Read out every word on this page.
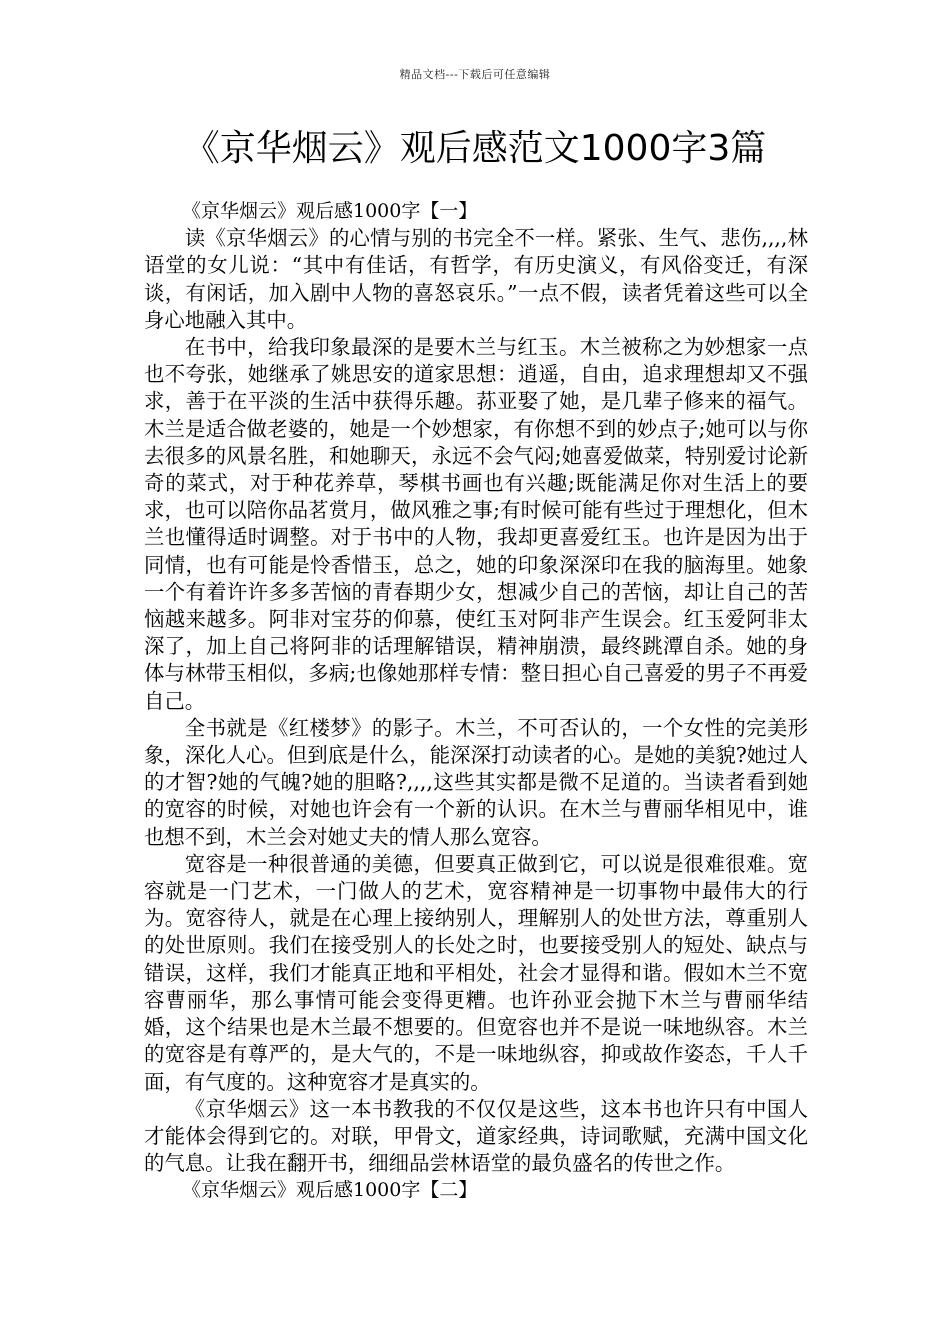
精品文档---下载后可任意编辑
《京华烟云》观后感范文1000字3篇

《京华烟云》观后感1000字【一】

读《京华烟云》的心情与别的书完全不一样。紧张、生气、悲伤,,,,林语堂的女儿说：“其中有佳话，有哲学，有历史演义，有风俗变迁，有深谈，有闲话，加入剧中人物的喜怒哀乐。”一点不假，读者凭着这些可以全身心地融入其中。

在书中，给我印象最深的是要木兰与红玉。木兰被称之为妙想家一点也不夸张，她继承了姚思安的道家思想：逍遥，自由，追求理想却又不强求，善于在平淡的生活中获得乐趣。荪亚娶了她，是几辈子修来的福气。木兰是适合做老婆的，她是一个妙想家，有你想不到的妙点子;她可以与你去很多的风景名胜，和她聊天，永远不会气闷;她喜爱做菜，特别爱讨论新奇的菜式，对于种花养草，琴棋书画也有兴趣;既能满足你对生活上的要求，也可以陪你品茗赏月，做风雅之事;有时候可能有些过于理想化，但木兰也懂得适时调整。对于书中的人物，我却更喜爱红玉。也许是因为出于同情，也有可能是怜香惜玉，总之，她的印象深深印在我的脑海里。她象一个有着许许多多苦恼的青春期少女，想减少自己的苦恼，却让自己的苦恼越来越多。阿非对宝芬的仰慕，使红玉对阿非产生误会。红玉爱阿非太深了，加上自己将阿非的话理解错误，精神崩溃，最终跳潭自杀。她的身体与林带玉相似，多病;也像她那样专情：整日担心自己喜爱的男子不再爱自己。

全书就是《红楼梦》的影子。木兰，不可否认的，一个女性的完美形象，深化人心。但到底是什么，能深深打动读者的心。是她的美貌?她过人的才智?她的气魄?她的胆略?,,,,这些其实都是微不足道的。当读者看到她的宽容的时候，对她也许会有一个新的认识。在木兰与曹丽华相见中，谁也想不到，木兰会对她丈夫的情人那么宽容。

宽容是一种很普通的美德，但要真正做到它，可以说是很难很难。宽容就是一门艺术，一门做人的艺术，宽容精神是一切事物中最伟大的行为。宽容待人，就是在心理上接纳别人，理解别人的处世方法，尊重别人的处世原则。我们在接受别人的长处之时，也要接受别人的短处、缺点与错误，这样，我们才能真正地和平相处，社会才显得和谐。假如木兰不宽容曹丽华，那么事情可能会变得更糟。也许孙亚会抛下木兰与曹丽华结婚，这个结果也是木兰最不想要的。但宽容也并不是说一味地纵容。木兰的宽容是有尊严的，是大气的，不是一味地纵容，抑或故作姿态，千人千面，有气度的。这种宽容才是真实的。

《京华烟云》这一本书教我的不仅仅是这些，这本书也许只有中国人才能体会得到它的。对联，甲骨文，道家经典，诗词歌赋，充满中国文化的气息。让我在翻开书，细细品尝林语堂的最负盛名的传世之作。

《京华烟云》观后感1000字【二】
